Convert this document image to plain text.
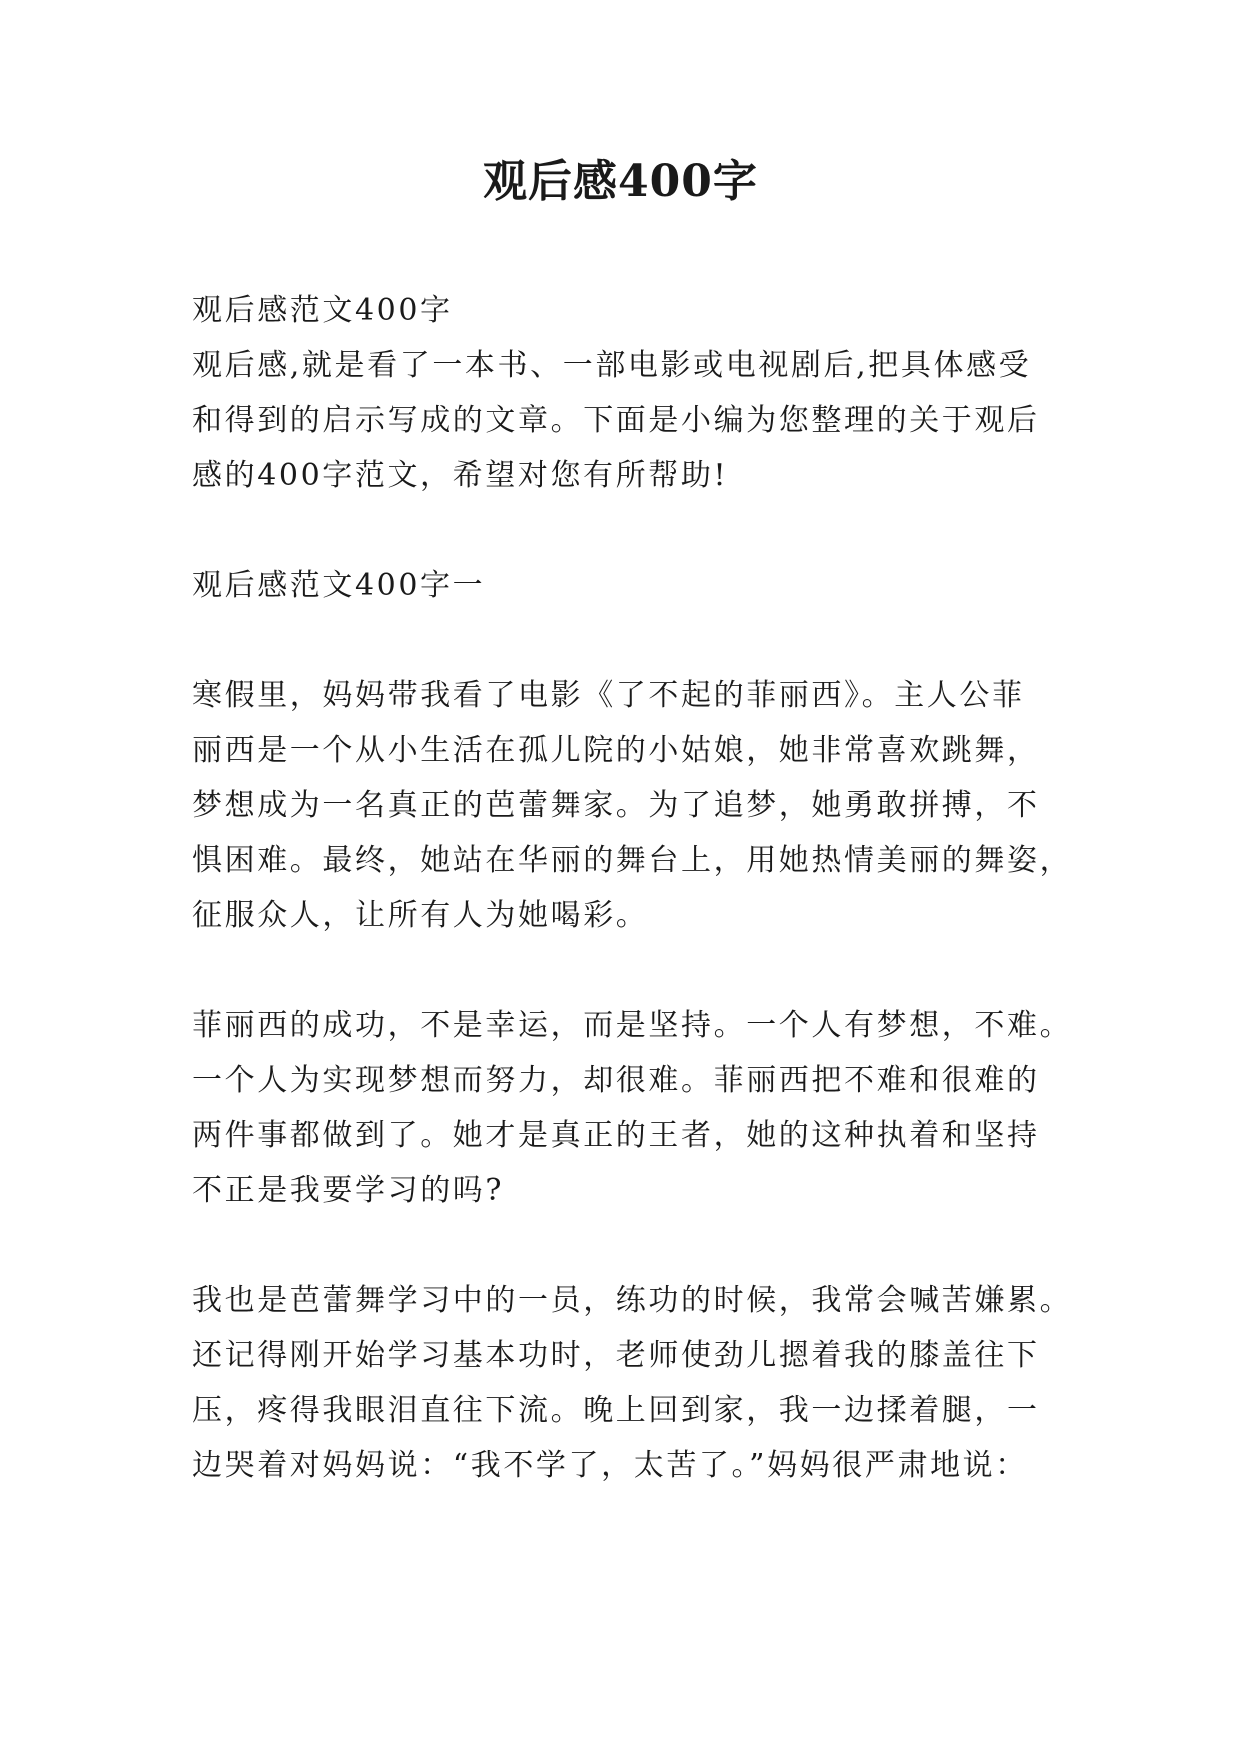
观后感400字

观后感范文400字

观后感,就是看了一本书、一部电影或电视剧后,把具体感受

和得到的启示写成的文章。下面是小编为您整理的关于观后

感的400字范文，希望对您有所帮助!

观后感范文400字一

寒假里，妈妈带我看了电影《了不起的菲丽西》。主人公菲

丽西是一个从小生活在孤儿院的小姑娘，她非常喜欢跳舞，

梦想成为一名真正的芭蕾舞家。为了追梦，她勇敢拼搏，不

惧困难。最终，她站在华丽的舞台上，用她热情美丽的舞姿，

征服众人，让所有人为她喝彩。

菲丽西的成功，不是幸运，而是坚持。一个人有梦想，不难。

一个人为实现梦想而努力，却很难。菲丽西把不难和很难的

两件事都做到了。她才是真正的王者，她的这种执着和坚持

不正是我要学习的吗?

我也是芭蕾舞学习中的一员，练功的时候，我常会喊苦嫌累。

还记得刚开始学习基本功时，老师使劲儿摁着我的膝盖往下

压，疼得我眼泪直往下流。晚上回到家，我一边揉着腿，一

边哭着对妈妈说：“我不学了，太苦了。”妈妈很严肃地说：
